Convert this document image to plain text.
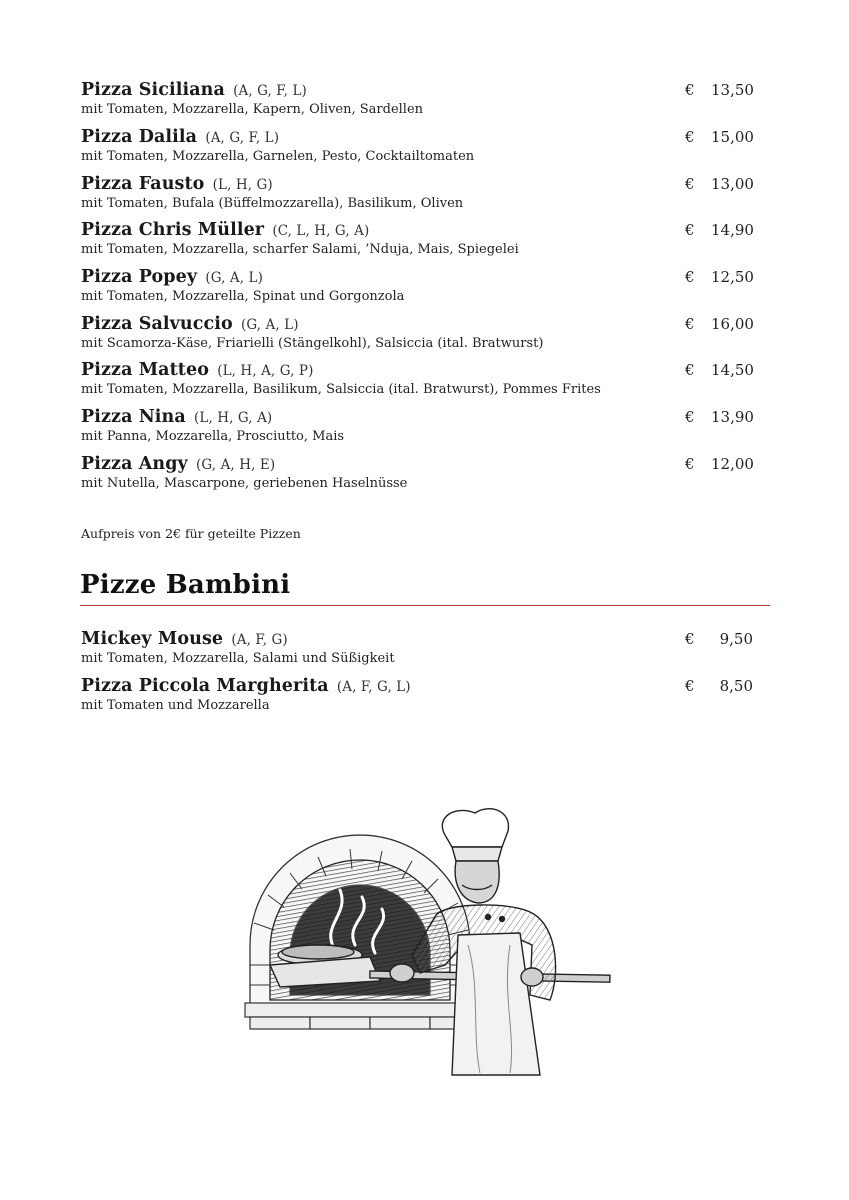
Pizza Siciliana (A, G, F, L)
mit Tomaten, Mozzarella, Kapern, Oliven, Sardellen
€ 13,50
Pizza Dalila (A, G, F, L)
mit Tomaten, Mozzarella, Garnelen, Pesto, Cocktailtomaten
€ 15,00
Pizza Fausto (L, H, G)
mit Tomaten, Bufala (Büffelmozzarella), Basilikum, Oliven
€ 13,00
Pizza Chris Müller (C, L, H, G, A)
mit Tomaten, Mozzarella, scharfer Salami, ’Nduja, Mais, Spiegelei
€ 14,90
Pizza Popey (G, A, L)
mit Tomaten, Mozzarella, Spinat und Gorgonzola
€ 12,50
Pizza Salvuccio (G, A, L)
mit Scamorza-Käse, Friarielli (Stängelkohl), Salsiccia (ital. Bratwurst)
€ 16,00
Pizza Matteo (L, H, A, G, P)
mit Tomaten, Mozzarella, Basilikum, Salsiccia (ital. Bratwurst), Pommes Frites
€ 14,50
Pizza Nina (L, H, G, A)
mit Panna, Mozzarella, Prosciutto, Mais
€ 13,90
Pizza Angy (G, A, H, E)
mit Nutella, Mascarpone, geriebenen Haselnüsse
€ 12,00
Aufpreis von 2€ für geteilte Pizzen
Pizze Bambini
Mickey Mouse (A, F, G)
mit Tomaten, Mozzarella, Salami und Süßigkeit
€ 9,50
Pizza Piccola Margherita (A, F, G, L)
mit Tomaten und Mozzarella
€ 8,50
